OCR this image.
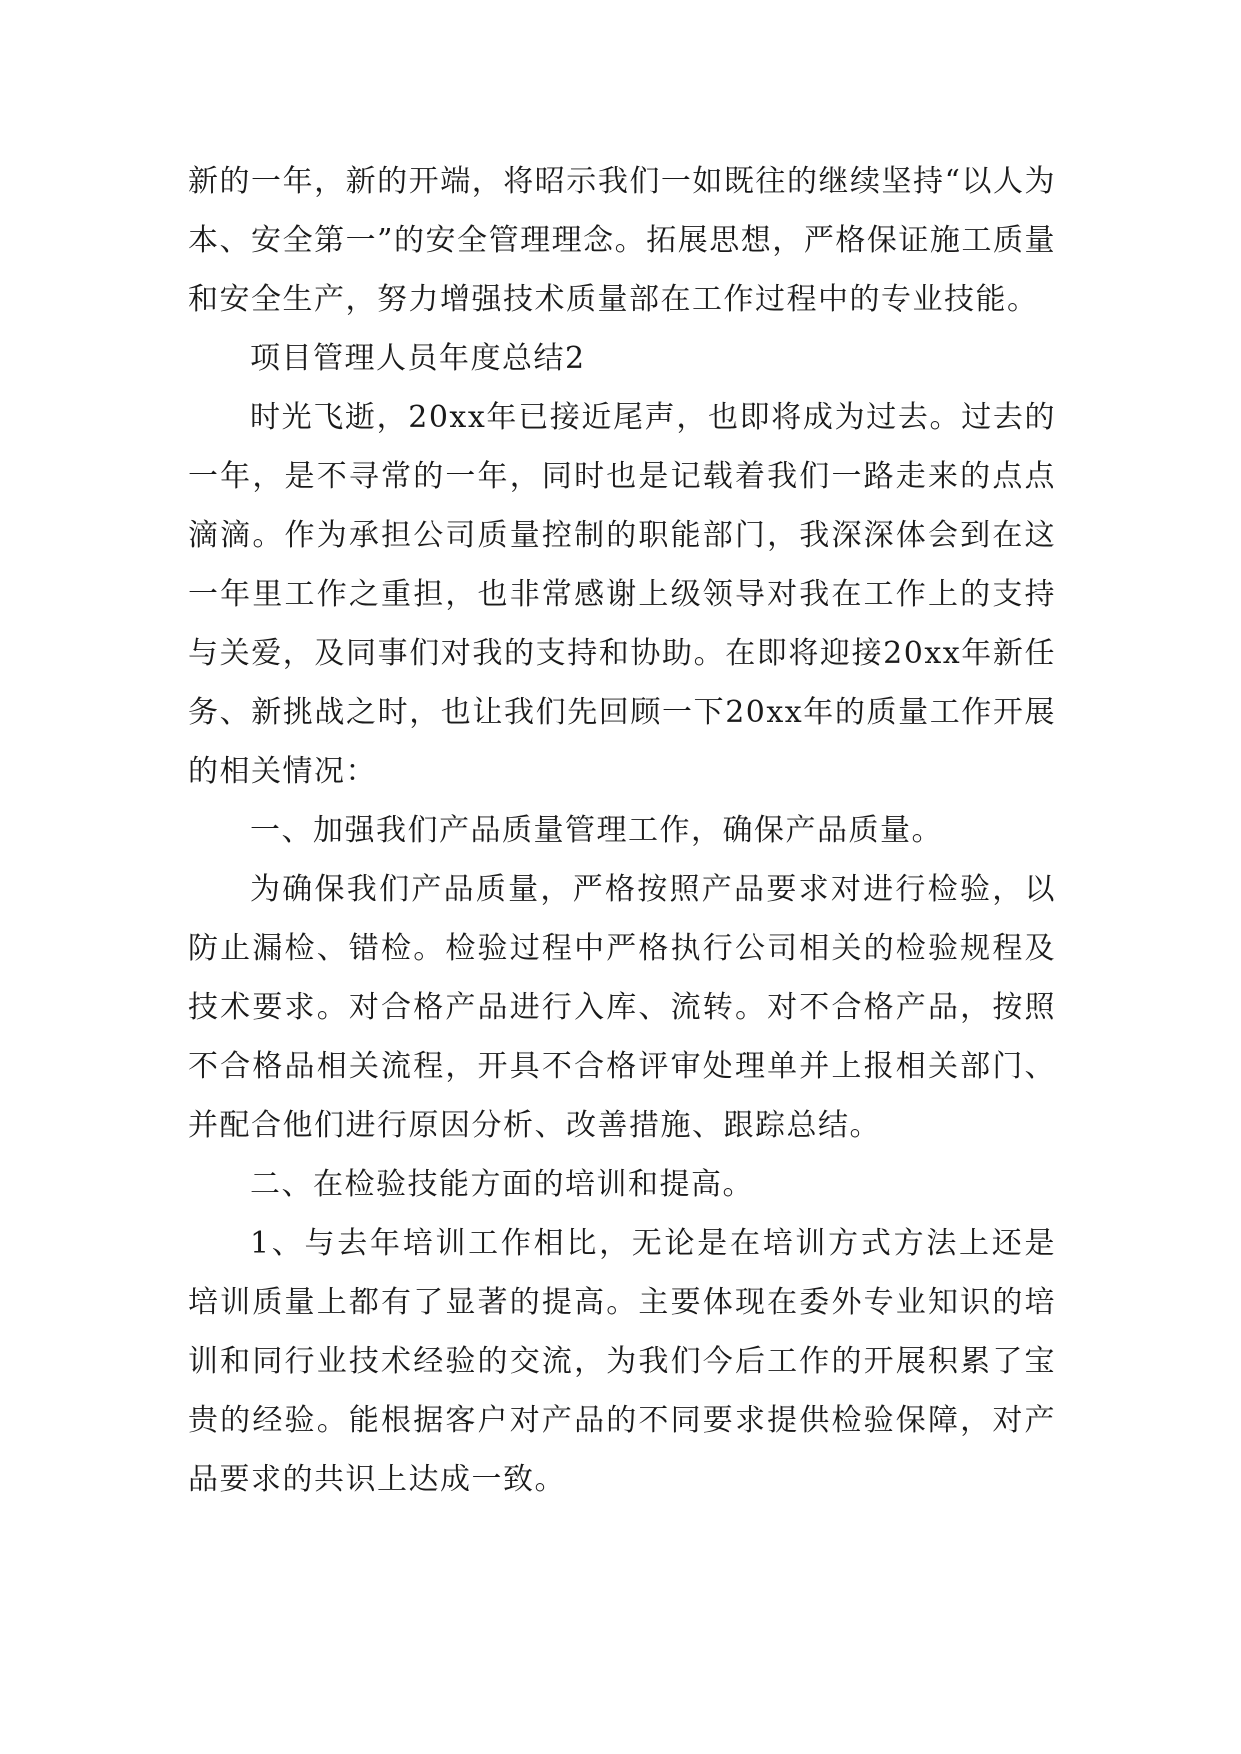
新的一年，新的开端，将昭示我们一如既往的继续坚持“以人为本、安全第一”的安全管理理念。拓展思想，严格保证施工质量和安全生产，努力增强技术质量部在工作过程中的专业技能。

项目管理人员年度总结2

时光飞逝，20xx年已接近尾声，也即将成为过去。过去的一年，是不寻常的一年，同时也是记载着我们一路走来的点点滴滴。作为承担公司质量控制的职能部门，我深深体会到在这一年里工作之重担，也非常感谢上级领导对我在工作上的支持与关爱，及同事们对我的支持和协助。在即将迎接20xx年新任务、新挑战之时，也让我们先回顾一下20xx年的质量工作开展的相关情况：

一、加强我们产品质量管理工作，确保产品质量。

为确保我们产品质量，严格按照产品要求对进行检验，以防止漏检、错检。检验过程中严格执行公司相关的检验规程及技术要求。对合格产品进行入库、流转。对不合格产品，按照不合格品相关流程，开具不合格评审处理单并上报相关部门、并配合他们进行原因分析、改善措施、跟踪总结。

二、在检验技能方面的培训和提高。

1、与去年培训工作相比，无论是在培训方式方法上还是培训质量上都有了显著的提高。主要体现在委外专业知识的培训和同行业技术经验的交流，为我们今后工作的开展积累了宝贵的经验。能根据客户对产品的不同要求提供检验保障，对产品要求的共识上达成一致。
